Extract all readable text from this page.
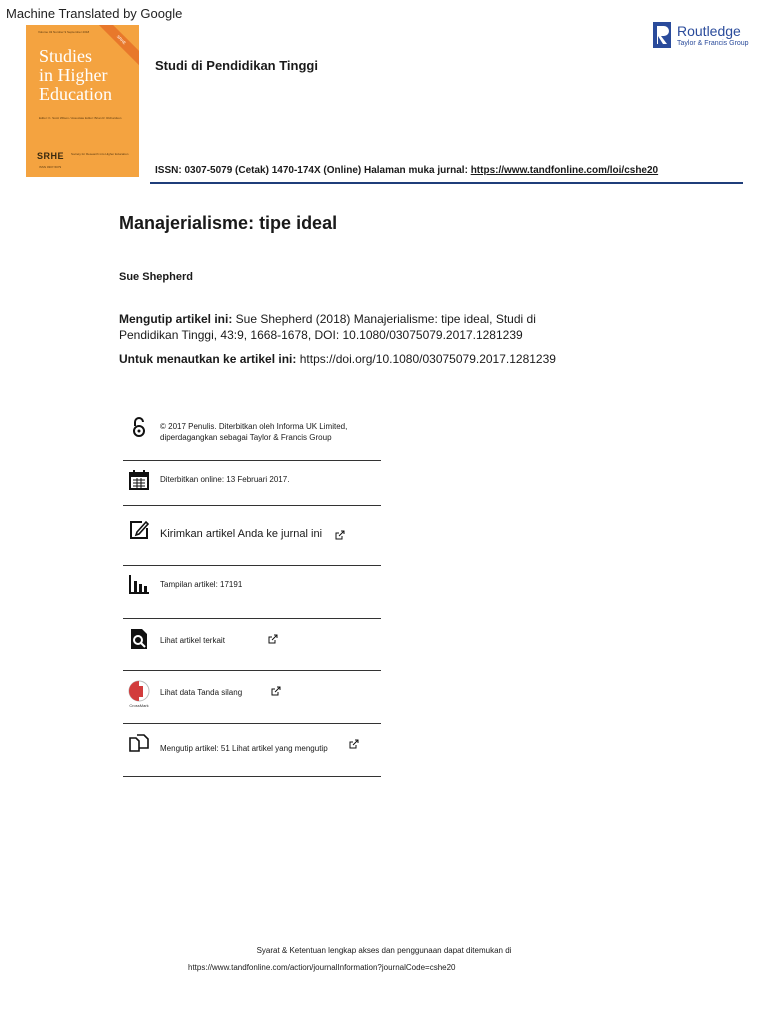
Machine Translated by Google
Volume 43 Number 9 September 2018
SRHE
Studies
in Higher
Education
Editor: K. Scott Wilson / Associate Editor: Brian R. Richardson
SRHE Society for Research into Higher Education
ISSN 0307-5079
Studi di Pendidikan Tinggi
Routledge
Taylor & Francis Group
ISSN: 0307-5079 (Cetak) 1470-174X (Online) Halaman muka jurnal: https://www.tandfonline.com/loi/cshe20
Manajerialisme: tipe ideal
Sue Shepherd
Mengutip artikel ini: Sue Shepherd (2018) Manajerialisme: tipe ideal, Studi di Pendidikan Tinggi, 43:9, 1668-1678, DOI: 10.1080/03075079.2017.1281239
Untuk menautkan ke artikel ini: https://doi.org/10.1080/03075079.2017.1281239
© 2017 Penulis. Diterbitkan oleh Informa UK Limited, diperdagangkan sebagai Taylor & Francis Group
Diterbitkan online: 13 Februari 2017.
Kirimkan artikel Anda ke jurnal ini
Tampilan artikel: 17191
Lihat artikel terkait
CrossMark
Lihat data Tanda silang
Mengutip artikel: 51 Lihat artikel yang mengutip
Syarat & Ketentuan lengkap akses dan penggunaan dapat ditemukan di
https://www.tandfonline.com/action/journalInformation?journalCode=cshe20
